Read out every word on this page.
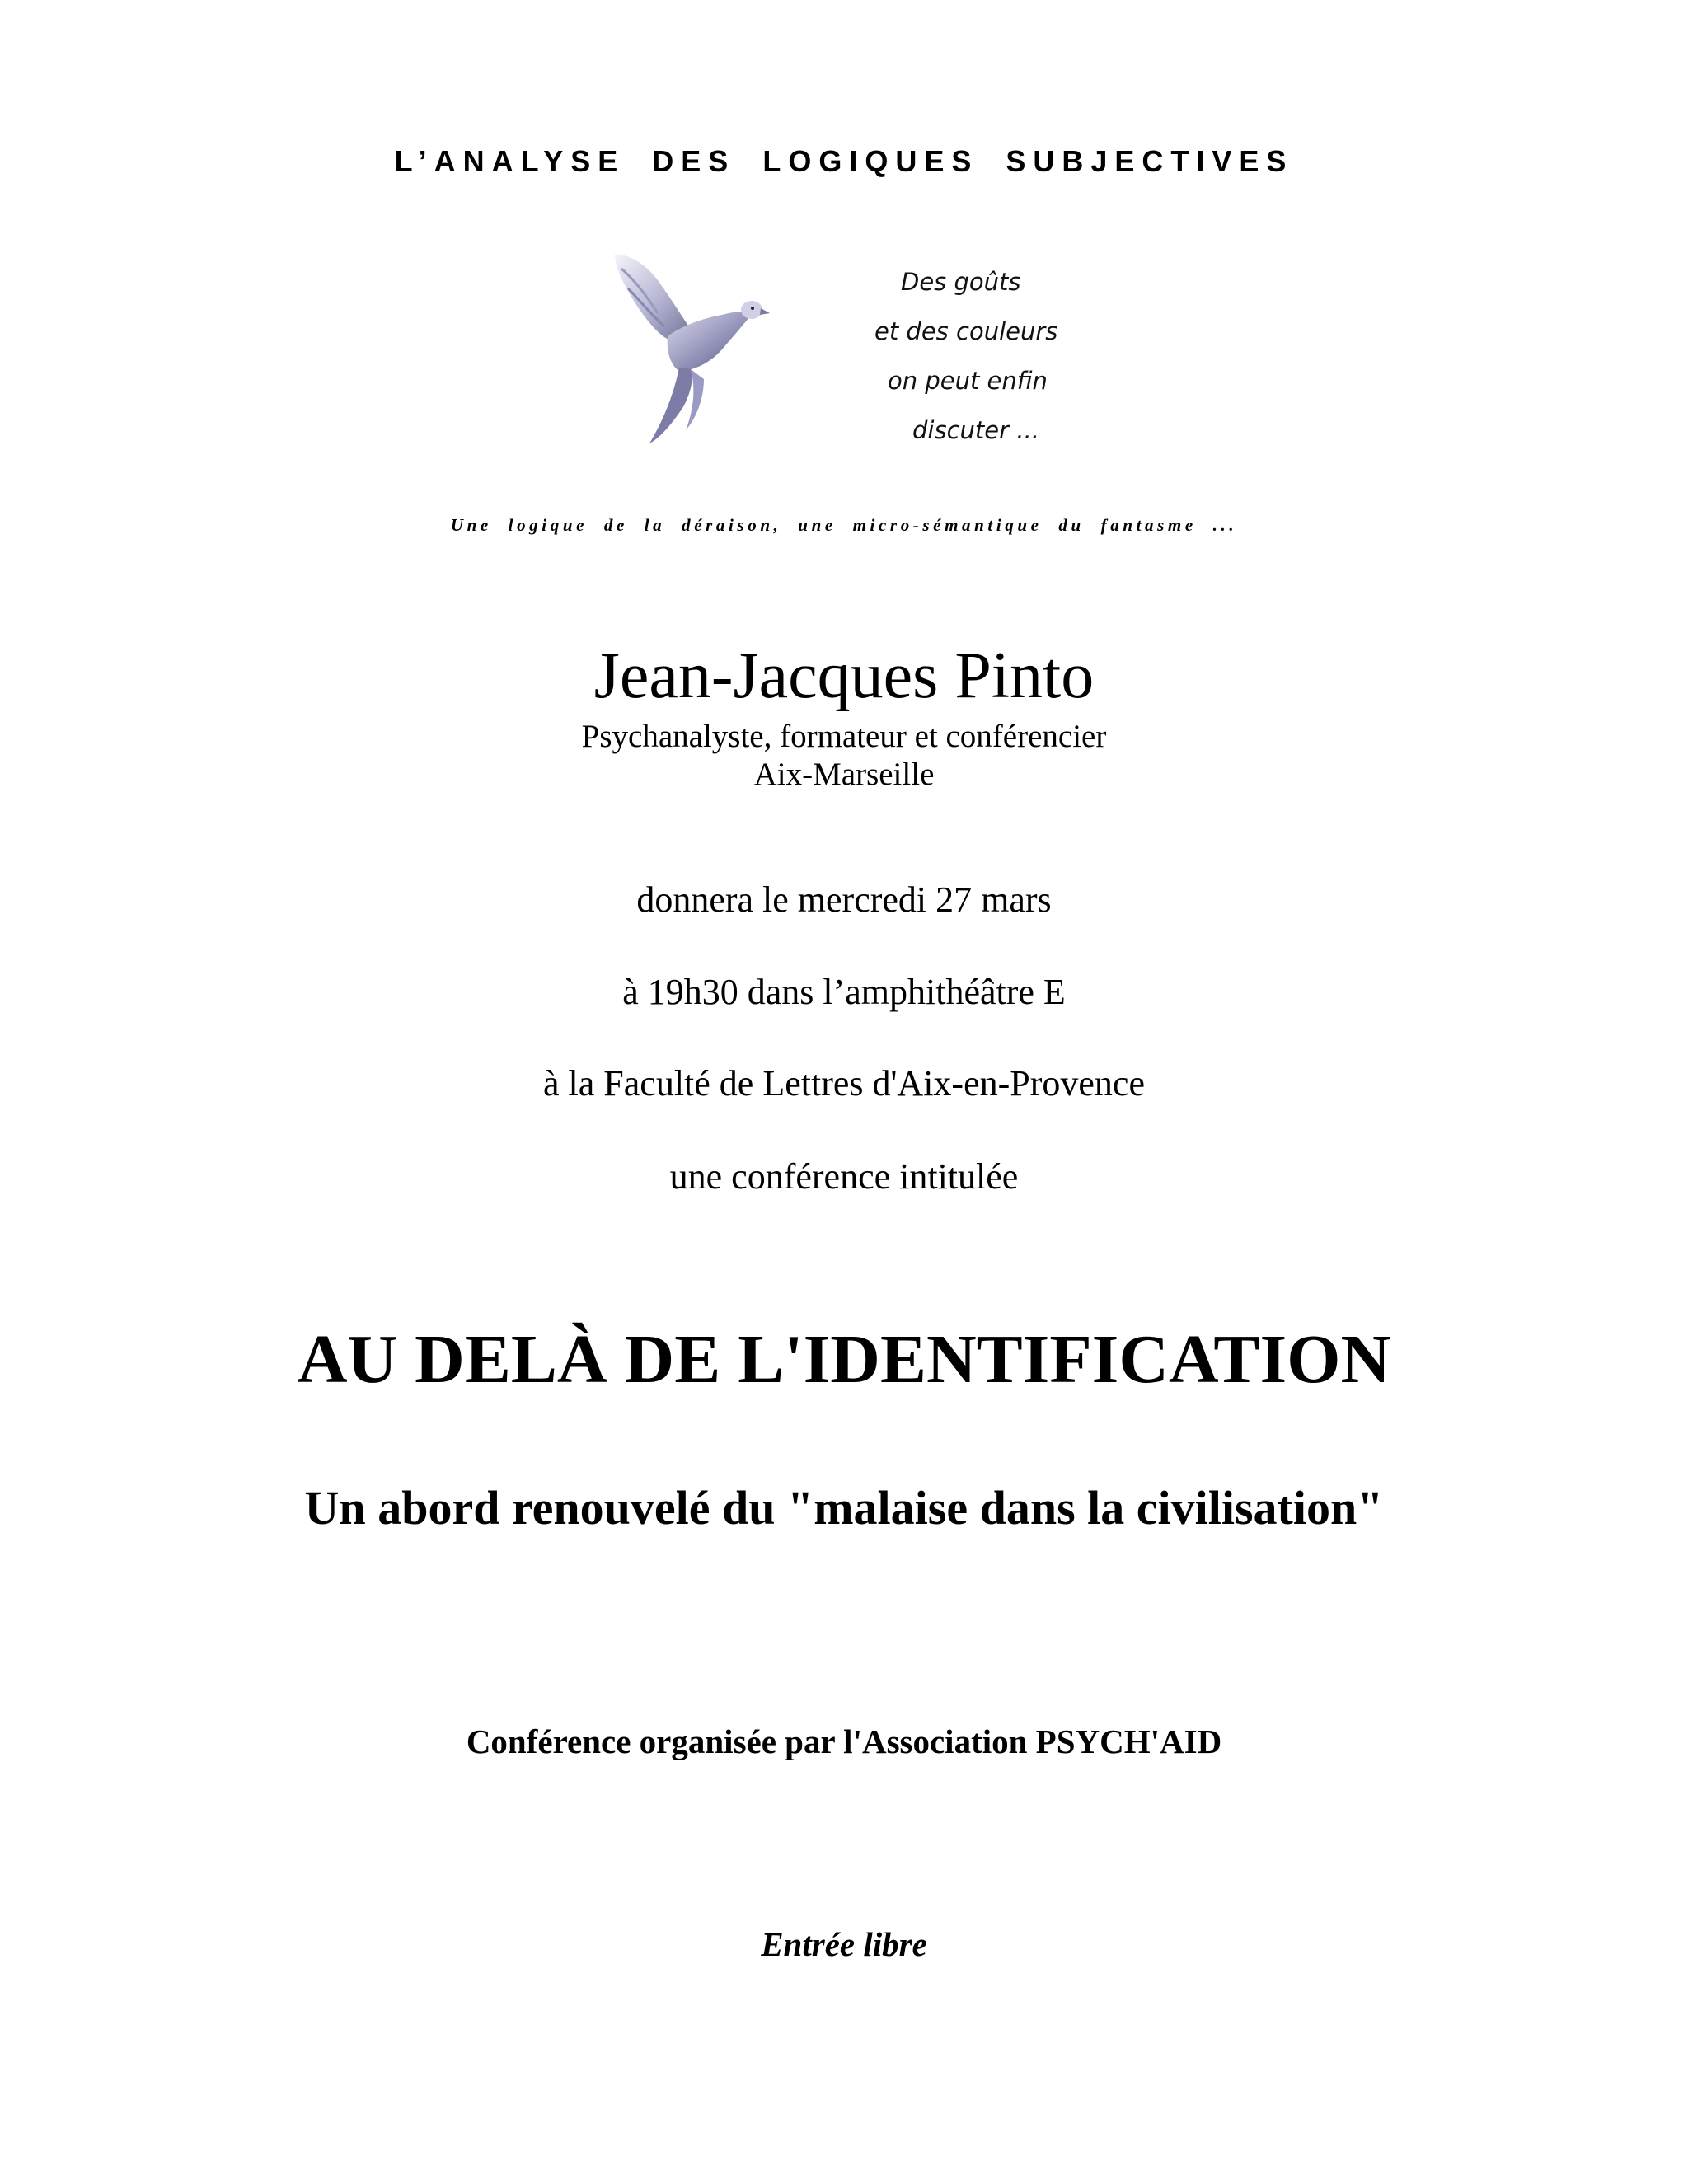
L’ANALYSE DES LOGIQUES SUBJECTIVES
Des goûts
et des couleurs
on peut enfin
discuter ...
Une logique de la déraison, une micro-sémantique du fantasme ...
Jean-Jacques Pinto
Psychanalyste, formateur et conférencier
Aix-Marseille
donnera le mercredi 27 mars
à 19h30 dans l’amphithéâtre E
à la Faculté de Lettres d'Aix-en-Provence
une conférence intitulée
AU DELÀ DE L'IDENTIFICATION
Un abord renouvelé du "malaise dans la civilisation"
Conférence organisée par l'Association PSYCH'AID
Entrée libre
